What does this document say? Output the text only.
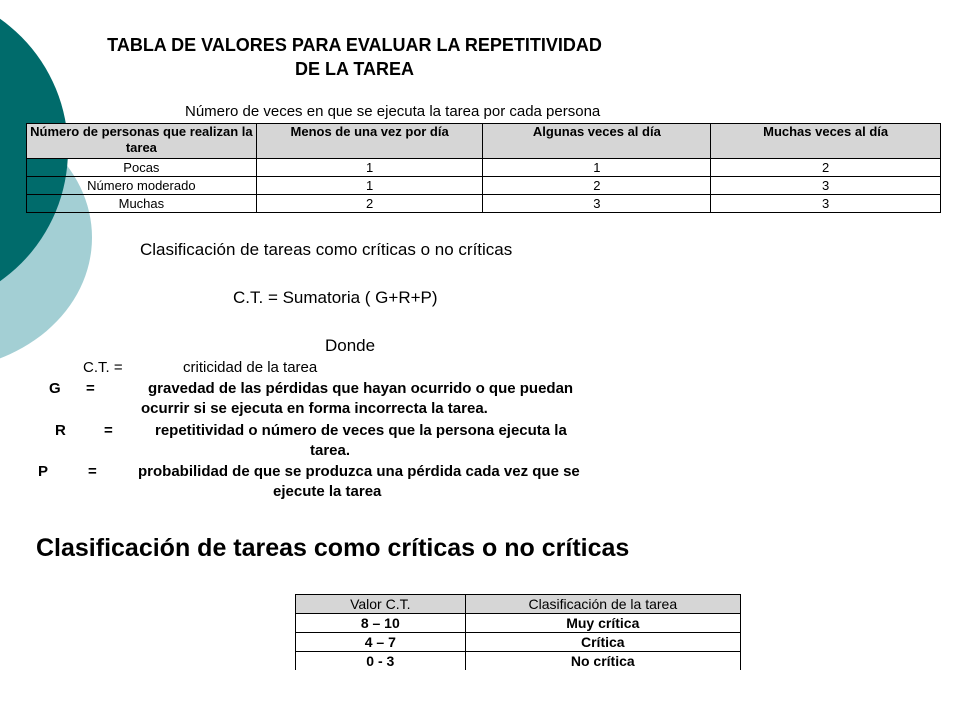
TABLA DE VALORES PARA EVALUAR LA REPETITIVIDAD
DE LA TAREA
Número de veces en que se ejecuta la tarea por cada persona
Número de personas que realizan la tarea	Menos de una vez por día	Algunas veces al día	Muchas veces al día
Pocas	1	1	2
Número moderado	1	2	3
Muchas	2	3	3
Clasificación de tareas como críticas o no críticas
C.T. = Sumatoria ( G+R+P)
Donde
C.T. =	criticidad de la tarea
G =	gravedad de las pérdidas que hayan ocurrido o que puedan
ocurrir si se ejecuta en forma incorrecta la tarea.
R	=	repetitividad o número de veces que la persona ejecuta la
tarea.
P	=	probabilidad de que se produzca una pérdida cada vez que se
ejecute la tarea
Clasificación de tareas como críticas o no críticas
Valor C.T.	Clasificación de la tarea
8 – 10	Muy crítica
4 – 7	Crítica
0 - 3	No crítica
